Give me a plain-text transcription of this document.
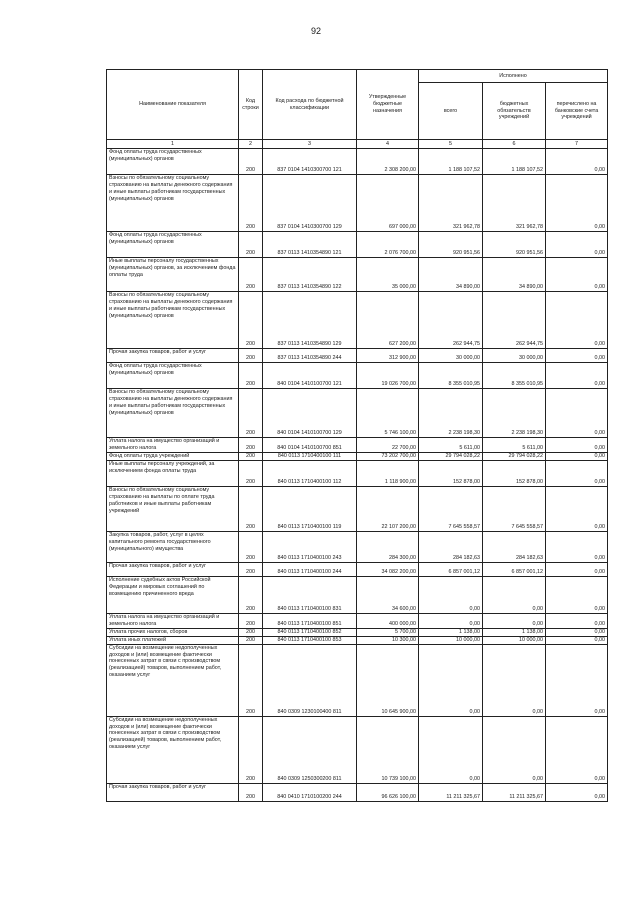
92
Наименование показателя	Код строки	Код расхода по бюджетной классификации	Утвержденные бюджетные назначения	Исполнено		
				всего	бюджетных обязательств учреждений	перечислено на банковские счета учреждений
1	2	3	4	5	6	7
Фонд оплаты труда государственных (муниципальных) органов	200	837 0104 1410300700 121	2 308 200,00	1 188 107,52	1 188 107,52	0,00
Взносы по обязательному социальному страхованию на выплаты денежного содержания и иные выплаты работникам государственных (муниципальных) органов	200	837 0104 1410300700 129	697 000,00	321 962,78	321 962,78	0,00
Фонд оплаты труда государственных (муниципальных) органов	200	837 0113 1410354890 121	2 076 700,00	920 951,56	920 951,56	0,00
Иные выплаты персоналу государственных (муниципальных) органов, за исключением фонда оплаты труда	200	837 0113 1410354890 122	35 000,00	34 890,00	34 890,00	0,00
Взносы по обязательному социальному страхованию на выплаты денежного содержания и иные выплаты работникам государственных (муниципальных) органов	200	837 0113 1410354890 129	627 200,00	262 944,75	262 944,75	0,00
Прочая закупка товаров, работ и услуг	200	837 0113 1410354890 244	312 900,00	30 000,00	30 000,00	0,00
Фонд оплаты труда государственных (муниципальных) органов	200	840 0104 1410100700 121	19 026 700,00	8 355 010,95	8 355 010,95	0,00
Взносы по обязательному социальному страхованию на выплаты денежного содержания и иные выплаты работникам государственных (муниципальных) органов	200	840 0104 1410100700 129	5 746 100,00	2 238 198,30	2 238 198,30	0,00
Уплата налога на имущество организаций и земельного налога	200	840 0104 1410100700 851	22 700,00	5 611,00	5 611,00	0,00
Фонд оплаты труда учреждений	200	840 0113 1710400100 111	73 202 700,00	29 794 028,22	29 794 028,22	0,00
Иные выплаты персоналу учреждений, за исключением фонда оплаты труда	200	840 0113 1710400100 112	1 118 900,00	152 878,00	152 878,00	0,00
Взносы по обязательному социальному страхованию на выплаты по оплате труда работников и иные выплаты работникам учреждений	200	840 0113 1710400100 119	22 107 200,00	7 645 558,57	7 645 558,57	0,00
Закупка товаров, работ, услуг в целях капитального ремонта государственного (муниципального) имущества	200	840 0113 1710400100 243	284 300,00	284 182,63	284 182,63	0,00
Прочая закупка товаров, работ и услуг	200	840 0113 1710400100 244	34 082 200,00	6 857 001,12	6 857 001,12	0,00
Исполнение судебных актов Российской Федерации и мировых соглашений по возмещению причиненного вреда	200	840 0113 1710400100 831	34 600,00	0,00	0,00	0,00
Уплата налога на имущество организаций и земельного налога	200	840 0113 1710400100 851	400 000,00	0,00	0,00	0,00
Уплата прочих налогов, сборов	200	840 0113 1710400100 852	5 700,00	1 138,00	1 138,00	0,00
Уплата иных платежей	200	840 0113 1710400100 853	10 300,00	10 000,00	10 000,00	0,00
Субсидии на возмещение недополученных доходов и (или) возмещение фактически понесенных затрат в связи с производством (реализацией) товаров, выполнением работ, оказанием услуг	200	840 0309 1230100400 811	10 645 900,00	0,00	0,00	0,00
Субсидии на возмещение недополученных доходов и (или) возмещение фактически понесенных затрат в связи с производством (реализацией) товаров, выполнением работ, оказанием услуг	200	840 0309 1250300200 811	10 739 100,00	0,00	0,00	0,00
Прочая закупка товаров, работ и услуг	200	840 0410 1710100200 244	96 626 100,00	11 211 325,67	11 211 325,67	0,00
